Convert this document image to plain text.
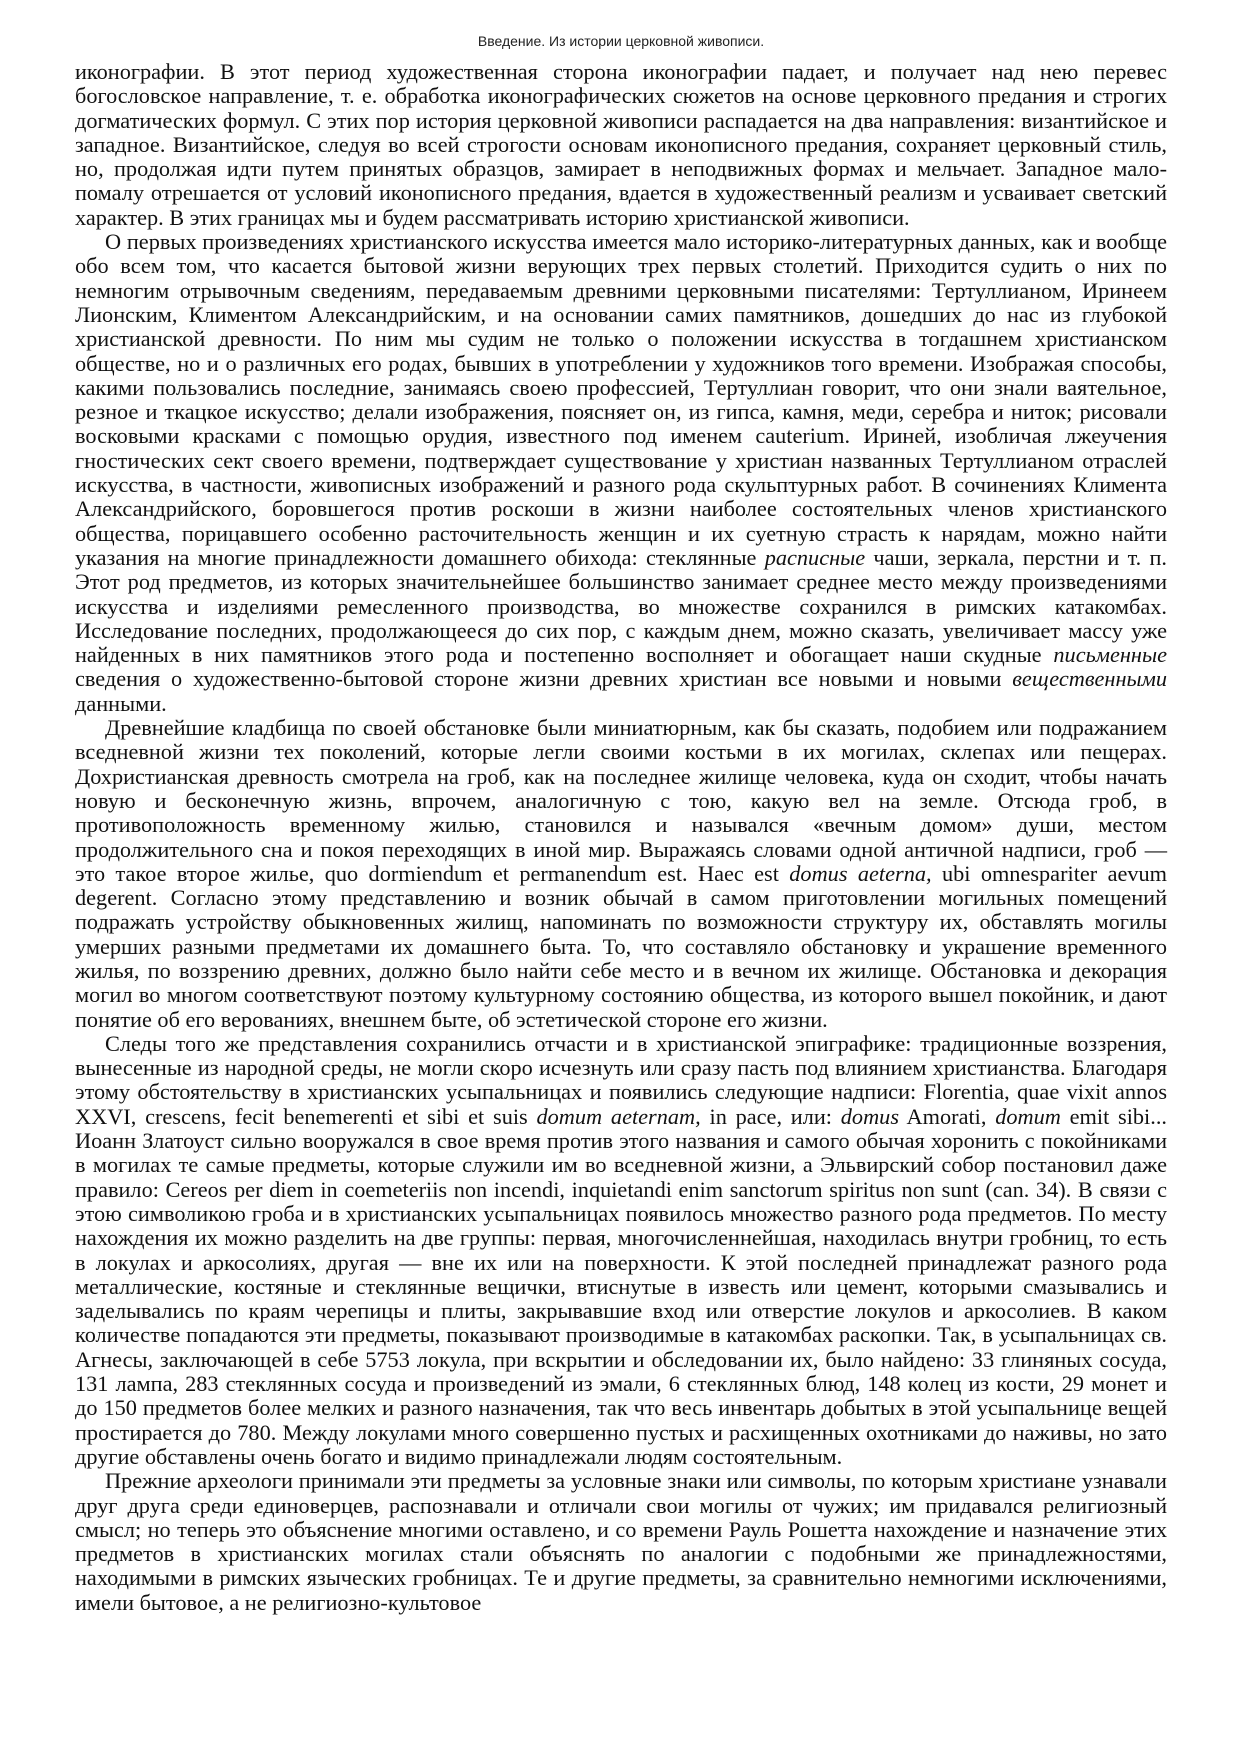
Введение. Из истории церковной живописи.

иконографии. В этот период художественная сторона иконографии падает, и получает над нею перевес богословское направление, т. е. обработка иконографических сюжетов на основе церковного предания и строгих догматических формул. С этих пор история церковной живописи распадается на два направления: византийское и западное. Византийское, следуя во всей строгости основам иконописного предания, сохраняет церковный стиль, но, продолжая идти путем принятых образцов, замирает в неподвижных формах и мельчает. Западное мало-помалу отрешается от условий иконописного предания, вдается в художественный реализм и усваивает светский характер. В этих границах мы и будем рассматривать историю христианской живописи.

О первых произведениях христианского искусства имеется мало историко-литературных данных, как и вообще обо всем том, что касается бытовой жизни верующих трех первых столетий. Приходится судить о них по немногим отрывочным сведениям, передаваемым древними церковными писателями: Тертуллианом, Иринеем Лионским, Климентом Александрийским, и на основании самих памятников, дошедших до нас из глубокой христианской древности. По ним мы судим не только о положении искусства в тогдашнем христианском обществе, но и о различных его родах, бывших в употреблении у художников того времени. Изображая способы, какими пользовались последние, занимаясь своею профессией, Тертуллиан говорит, что они знали ваятельное, резное и ткацкое искусство; делали изображения, поясняет он, из гипса, камня, меди, серебра и ниток; рисовали восковыми красками с помощью орудия, известного под именем cauterium. Ириней, изобличая лжеучения гностических сект своего времени, подтверждает существование у христиан названных Тертуллианом отраслей искусства, в частности, живописных изображений и разного рода скульптурных работ. В сочинениях Климента Александрийского, боровшегося против роскоши в жизни наиболее состоятельных членов христианского общества, порицавшего особенно расточительность женщин и их суетную страсть к нарядам, можно найти указания на многие принадлежности домашнего обихода: стеклянные расписные чаши, зеркала, перстни и т. п. Этот род предметов, из которых значительнейшее большинство занимает среднее место между произведениями искусства и изделиями ремесленного производства, во множестве сохранился в римских катакомбах. Исследование последних, продолжающееся до сих пор, с каждым днем, можно сказать, увеличивает массу уже найденных в них памятников этого рода и постепенно восполняет и обогащает наши скудные письменные сведения о художественно-бытовой стороне жизни древних христиан все новыми и новыми вещественными данными.

Древнейшие кладбища по своей обстановке были миниатюрным, как бы сказать, подобием или подражанием вседневной жизни тех поколений, которые легли своими костьми в их могилах, склепах или пещерах. Дохристианская древность смотрела на гроб, как на последнее жилище человека, куда он сходит, чтобы начать новую и бесконечную жизнь, впрочем, аналогичную с тою, какую вел на земле. Отсюда гроб, в противоположность временному жилью, становился и назывался «вечным домом» души, местом продолжительного сна и покоя переходящих в иной мир. Выражаясь словами одной античной надписи, гроб — это такое второе жилье, quo dormiendum et permanendum est. Haec est domus aeterna, ubi omnespariter aevum degerent. Согласно этому представлению и возник обычай в самом приготовлении могильных помещений подражать устройству обыкновенных жилищ, напоминать по возможности структуру их, обставлять могилы умерших разными предметами их домашнего быта. То, что составляло обстановку и украшение временного жилья, по воззрению древних, должно было найти себе место и в вечном их жилище. Обстановка и декорация могил во многом соответствуют поэтому культурному состоянию общества, из которого вышел покойник, и дают понятие об его верованиях, внешнем быте, об эстетической стороне его жизни.

Следы того же представления сохранились отчасти и в христианской эпиграфике: традиционные воззрения, вынесенные из народной среды, не могли скоро исчезнуть или сразу пасть под влиянием христианства. Благодаря этому обстоятельству в христианских усыпальницах и появились следующие надписи: Florentia, quae vixit annos XXVI, crescens, fecit benemerenti et sibi et suis domum aeternam, in pace, или: domus Amorati, domum emit sibi... Иоанн Златоуст сильно вооружался в свое время против этого названия и самого обычая хоронить с покойниками в могилах те самые предметы, которые служили им во вседневной жизни, а Эльвирский собор постановил даже правило: Cereos per diem in coemeteriis non incendi, inquietandi enim sanctorum spiritus non sunt (can. 34). В связи с этою символикою гроба и в христианских усыпальницах появилось множество разного рода предметов. По месту нахождения их можно разделить на две группы: первая, многочисленнейшая, находилась внутри гробниц, то есть в локулах и аркосолиях, другая — вне их или на поверхности. К этой последней принадлежат разного рода металлические, костяные и стеклянные вещички, втиснутые в известь или цемент, которыми смазывались и заделывались по краям черепицы и плиты, закрывавшие вход или отверстие локулов и аркосолиев. В каком количестве попадаются эти предметы, показывают производимые в катакомбах раскопки. Так, в усыпальницах св. Агнесы, заключающей в себе 5753 локула, при вскрытии и обследовании их, было найдено: 33 глиняных сосуда, 131 лампа, 283 стеклянных сосуда и произведений из эмали, 6 стеклянных блюд, 148 колец из кости, 29 монет и до 150 предметов более мелких и разного назначения, так что весь инвентарь добытых в этой усыпальнице вещей простирается до 780. Между локулами много совершенно пустых и расхищенных охотниками до наживы, но зато другие обставлены очень богато и видимо принадлежали людям состоятельным.

Прежние археологи принимали эти предметы за условные знаки или символы, по которым христиане узнавали друг друга среди единоверцев, распознавали и отличали свои могилы от чужих; им придавался религиозный смысл; но теперь это объяснение многими оставлено, и со времени Рауль Рошетта нахождение и назначение этих предметов в христианских могилах стали объяснять по аналогии с подобными же принадлежностями, находимыми в римских языческих гробницах. Те и другие предметы, за сравнительно немногими исключениями, имели бытовое, а не религиозно-культовое
